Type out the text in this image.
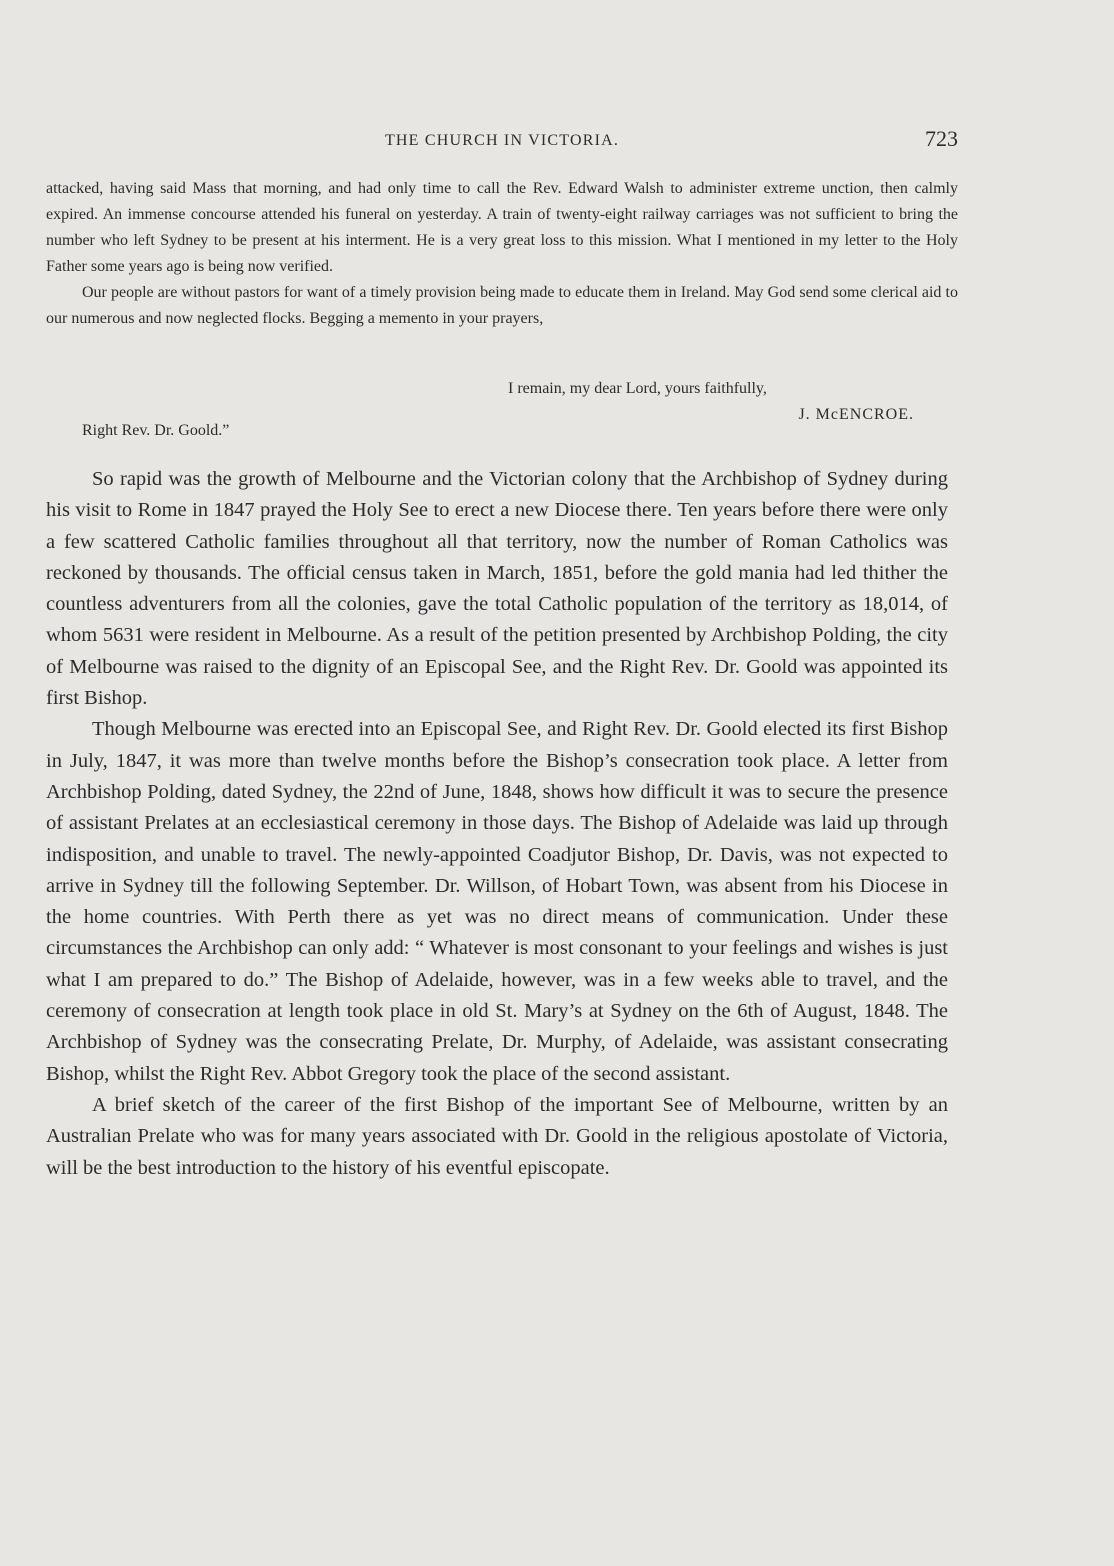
THE CHURCH IN VICTORIA.	723

attacked, having said Mass that morning, and had only time to call the Rev. Edward Walsh to administer extreme unction, then calmly expired. An immense concourse attended his funeral on yesterday. A train of twenty-eight railway carriages was not sufficient to bring the number who left Sydney to be present at his interment. He is a very great loss to this mission. What I mentioned in my letter to the Holy Father some years ago is being now verified.

Our people are without pastors for want of a timely provision being made to educate them in Ireland. May God send some clerical aid to our numerous and now neglected flocks. Begging a memento in your prayers,

I remain, my dear Lord, yours faithfully,
J. McENCROE.
Right Rev. Dr. Goold.”

So rapid was the growth of Melbourne and the Victorian colony that the Archbishop of Sydney during his visit to Rome in 1847 prayed the Holy See to erect a new Diocese there. Ten years before there were only a few scattered Catholic families throughout all that territory, now the number of Roman Catholics was reckoned by thousands. The official census taken in March, 1851, before the gold mania had led thither the countless adventurers from all the colonies, gave the total Catholic population of the territory as 18,014, of whom 5631 were resident in Melbourne. As a result of the petition presented by Archbishop Polding, the city of Melbourne was raised to the dignity of an Episcopal See, and the Right Rev. Dr. Goold was appointed its first Bishop.

Though Melbourne was erected into an Episcopal See, and Right Rev. Dr. Goold elected its first Bishop in July, 1847, it was more than twelve months before the Bishop’s consecration took place. A letter from Archbishop Polding, dated Sydney, the 22nd of June, 1848, shows how difficult it was to secure the presence of assistant Prelates at an ecclesiastical ceremony in those days. The Bishop of Adelaide was laid up through indisposition, and unable to travel. The newly-appointed Coadjutor Bishop, Dr. Davis, was not expected to arrive in Sydney till the following September. Dr. Willson, of Hobart Town, was absent from his Diocese in the home countries. With Perth there as yet was no direct means of communication. Under these circumstances the Archbishop can only add: “ Whatever is most consonant to your feelings and wishes is just what I am prepared to do.” The Bishop of Adelaide, however, was in a few weeks able to travel, and the ceremony of consecration at length took place in old St. Mary’s at Sydney on the 6th of August, 1848. The Archbishop of Sydney was the consecrating Prelate, Dr. Murphy, of Adelaide, was assistant consecrating Bishop, whilst the Right Rev. Abbot Gregory took the place of the second assistant.

A brief sketch of the career of the first Bishop of the important See of Melbourne, written by an Australian Prelate who was for many years associated with Dr. Goold in the religious apostolate of Victoria, will be the best introduction to the history of his eventful episcopate.
